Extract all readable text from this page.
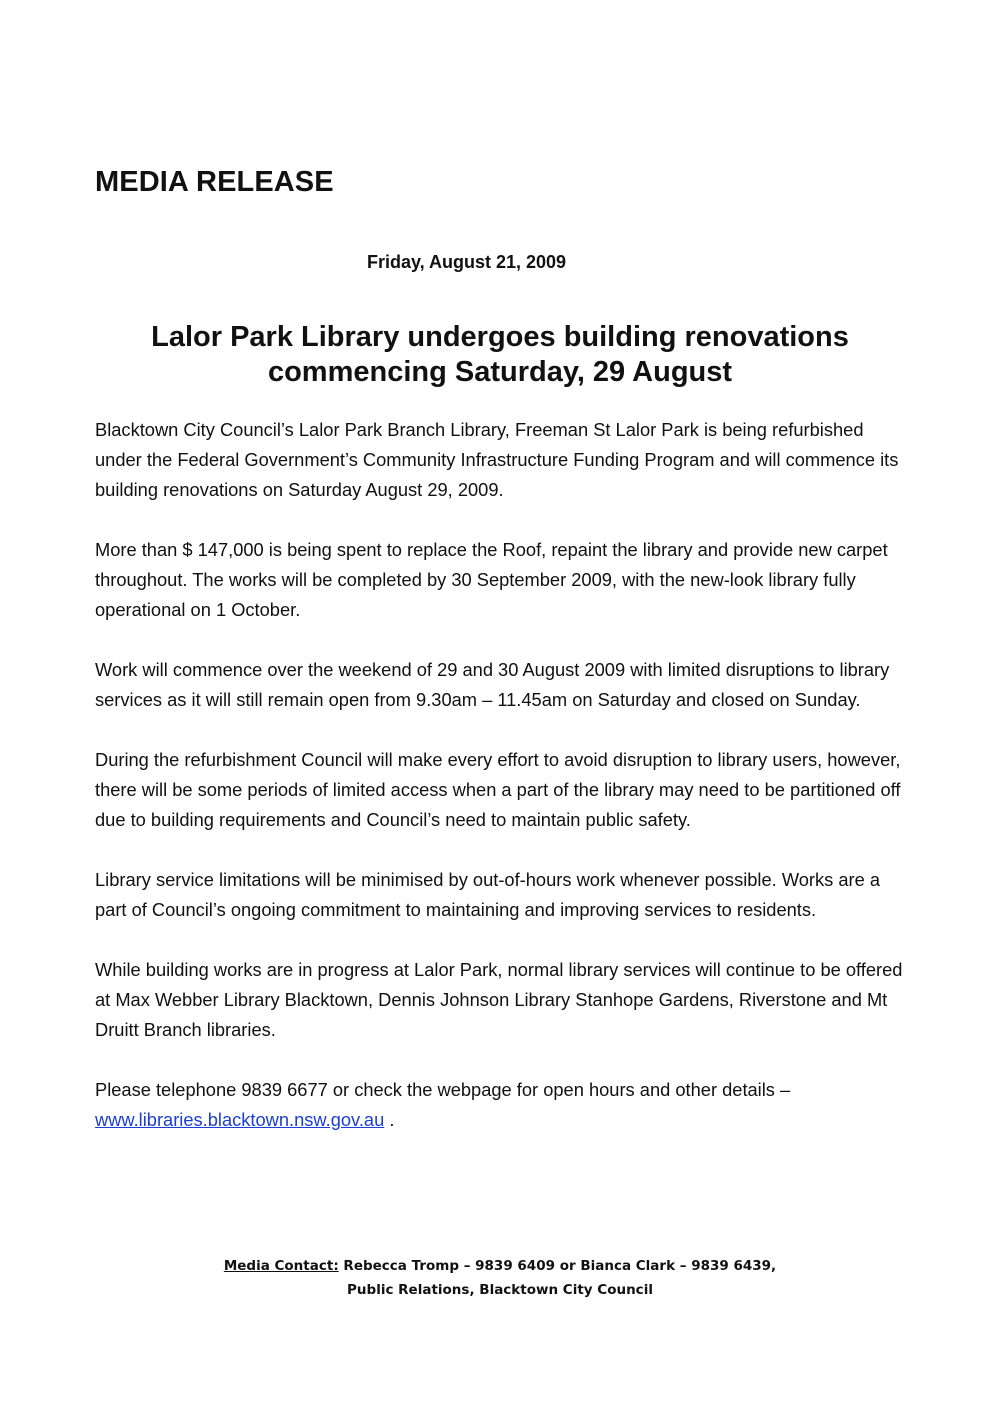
MEDIA RELEASE
Friday, August 21, 2009
Lalor Park Library undergoes building renovations
commencing Saturday, 29 August

Blacktown City Council’s Lalor Park Branch Library, Freeman St Lalor Park is being refurbished under the Federal Government’s Community Infrastructure Funding Program and will commence its building renovations on Saturday August 29, 2009.

More than $ 147,000 is being spent to replace the Roof, repaint the library and provide new carpet throughout. The works will be completed by 30 September 2009, with the new-look library fully operational on 1 October.

Work will commence over the weekend of 29 and 30 August 2009 with limited disruptions to library services as it will still remain open from 9.30am – 11.45am on Saturday and closed on Sunday.

During the refurbishment Council will make every effort to avoid disruption to library users, however, there will be some periods of limited access when a part of the library may need to be partitioned off due to building requirements and Council’s need to maintain public safety.

Library service limitations will be minimised by out-of-hours work whenever possible. Works are a part of Council’s ongoing commitment to maintaining and improving services to residents.

While building works are in progress at Lalor Park, normal library services will continue to be offered at Max Webber Library Blacktown, Dennis Johnson Library Stanhope Gardens, Riverstone and Mt Druitt Branch libraries.

Please telephone 9839 6677 or check the webpage for open hours and other details –
www.libraries.blacktown.nsw.gov.au .

Media Contact: Rebecca Tromp – 9839 6409 or Bianca Clark – 9839 6439,
Public Relations, Blacktown City Council
